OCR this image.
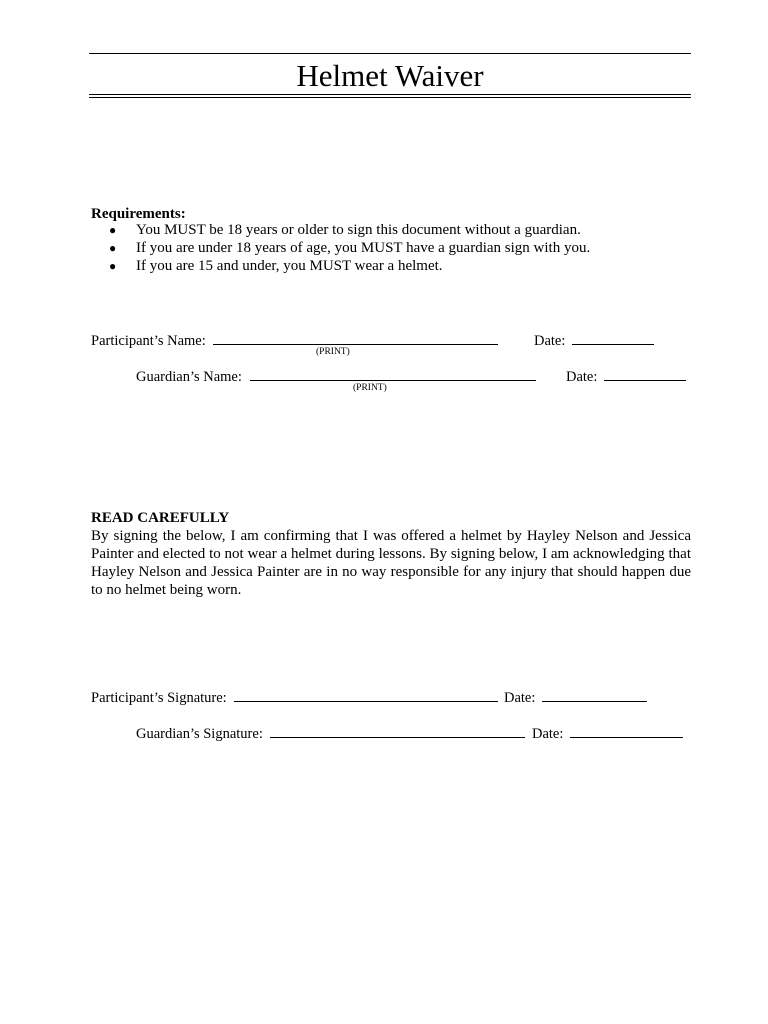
Helmet Waiver
Requirements:
● You MUST be 18 years or older to sign this document without a guardian.
● If you are under 18 years of age, you MUST have a guardian sign with you.
● If you are 15 and under, you MUST wear a helmet.
Participant’s Name:	Date:
(PRINT)
Guardian’s Name:	Date:
(PRINT)
READ CAREFULLY
By signing the below, I am confirming that I was offered a helmet by Hayley Nelson and Jessica Painter and elected to not wear a helmet during lessons. By signing below, I am acknowledging that Hayley Nelson and Jessica Painter are in no way responsible for any injury that should happen due to no helmet being worn.
Participant’s Signature:	Date:
Guardian’s Signature:	Date:
